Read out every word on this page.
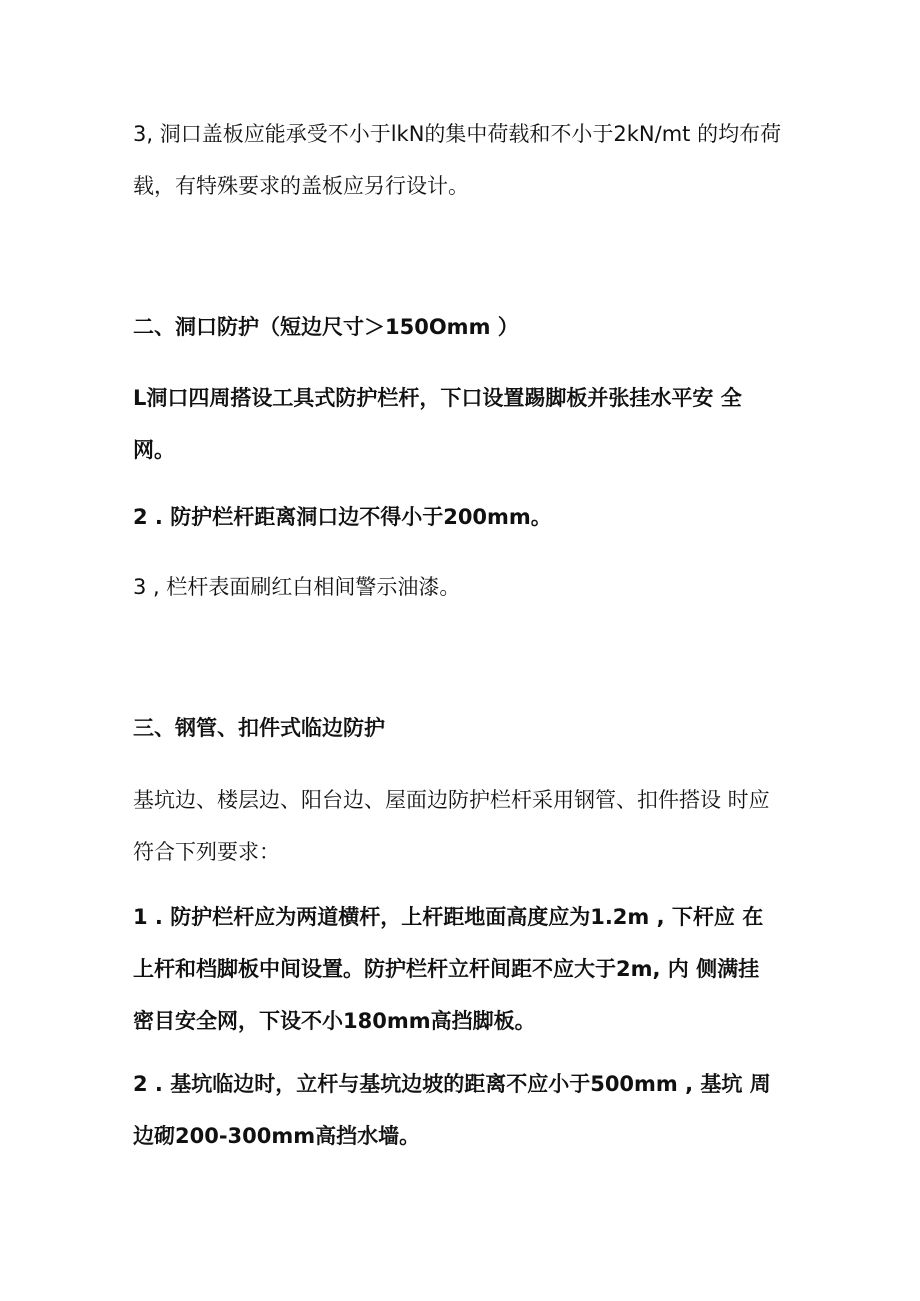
3, 洞口盖板应能承受不小于lkN的集中荷载和不小于2kN∕mt 的均布荷
载，有特殊要求的盖板应另行设计。
二、洞口防护（短边尺寸＞150Omm ）
L洞口四周搭设工具式防护栏杆，下口设置踢脚板并张挂水平安 全
网。
2 . 防护栏杆距离洞口边不得小于200mm。
3 , 栏杆表面刷红白相间警示油漆。
三、钢管、扣件式临边防护
基坑边、楼层边、阳台边、屋面边防护栏杆采用钢管、扣件搭设 时应
符合下列要求：
1 . 防护栏杆应为两道横杆，上杆距地面高度应为1.2m , 下杆应 在
上杆和档脚板中间设置。防护栏杆立杆间距不应大于2m, 内 侧满挂
密目安全网，下设不小180mm高挡脚板。
2 . 基坑临边时，立杆与基坑边坡的距离不应小于500mm , 基坑 周
边砌200-300mm高挡水墙。
